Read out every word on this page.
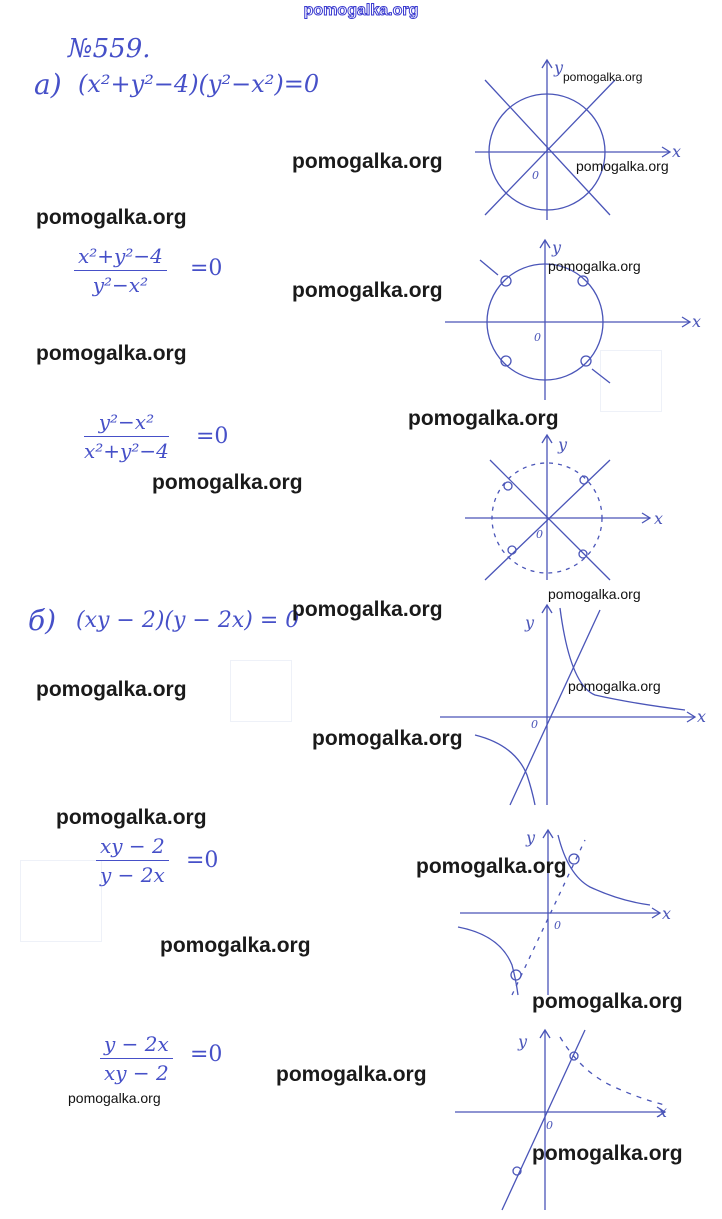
pomogalka.org
№559.
а) (x²+y²−4)(y²−x²)=0
$\frac{\text{x²+y²−4}}{\text{y²−x²}} =0$
$\frac{\text{y²−x²}}{\text{x²+y²−4}} =0$
x
y
0
x
y
0
x
y
0
б) (xy − 2)(y − 2x) = 0
$\frac{xy - 2}{y - 2x} =0$
$\frac{y - 2x}{xy - 2} =0$
x
y
0
x
y
0
x
y
0
pomogalka.org
pomogalka.org	pomogalka.org
pomogalka.org
pomogalka.org
pomogalka.org
pomogalka.org
pomogalka.org
pomogalka.org
pomogalka.org
pomogalka.org
pomogalka.org	pomogalka.org
pomogalka.org
pomogalka.org
pomogalka.org
pomogalka.org
pomogalka.org
pomogalka.org
pomogalka.org
pomogalka.org
